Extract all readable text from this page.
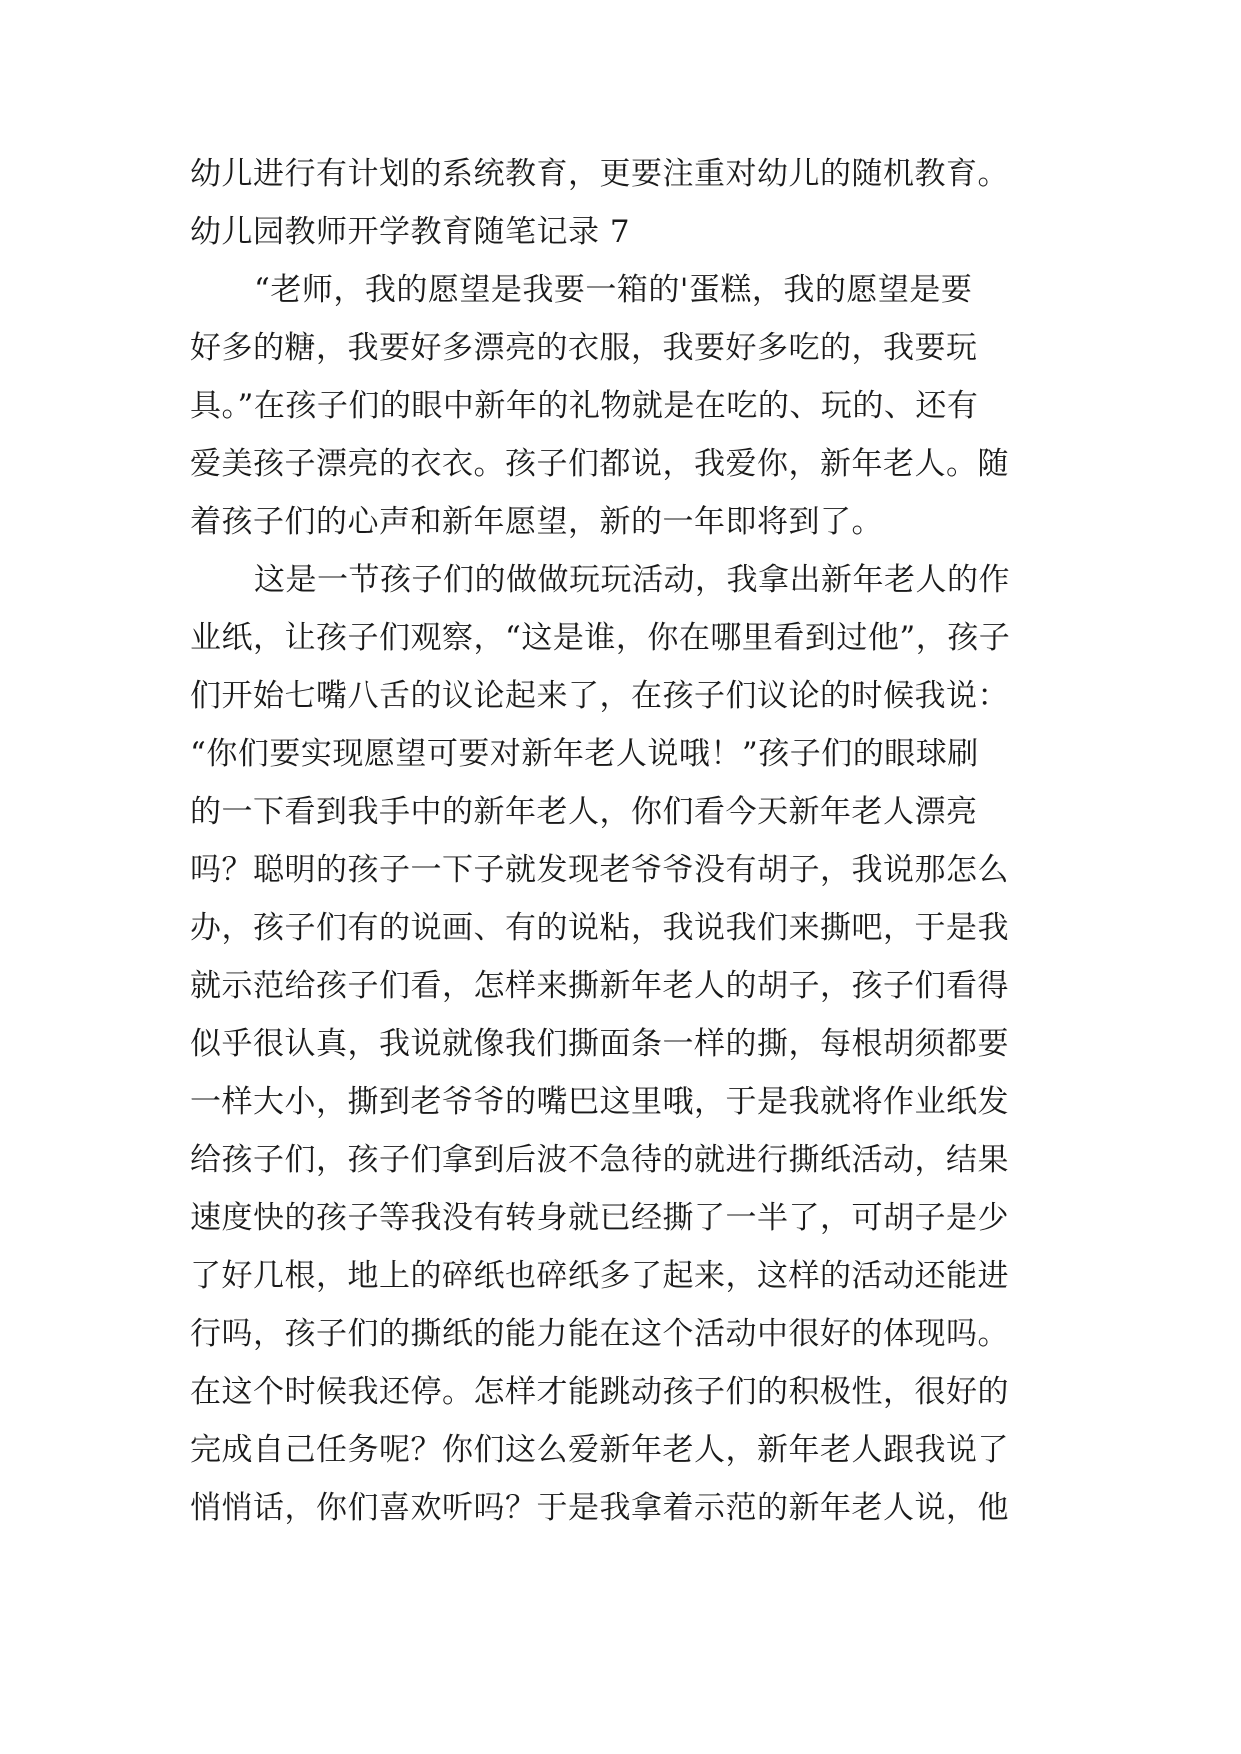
幼儿进行有计划的系统教育，更要注重对幼儿的随机教育。
幼儿园教师开学教育随笔记录 7
“老师，我的愿望是我要一箱的'蛋糕，我的愿望是要
好多的糖，我要好多漂亮的衣服，我要好多吃的，我要玩
具。”在孩子们的眼中新年的礼物就是在吃的、玩的、还有
爱美孩子漂亮的衣衣。孩子们都说，我爱你，新年老人。随
着孩子们的心声和新年愿望，新的一年即将到了。
这是一节孩子们的做做玩玩活动，我拿出新年老人的作
业纸，让孩子们观察，“这是谁，你在哪里看到过他”，孩子
们开始七嘴八舌的议论起来了，在孩子们议论的时候我说：
“你们要实现愿望可要对新年老人说哦！”孩子们的眼球刷
的一下看到我手中的新年老人，你们看今天新年老人漂亮
吗？聪明的孩子一下子就发现老爷爷没有胡子，我说那怎么
办，孩子们有的说画、有的说粘，我说我们来撕吧，于是我
就示范给孩子们看，怎样来撕新年老人的胡子，孩子们看得
似乎很认真，我说就像我们撕面条一样的撕，每根胡须都要
一样大小，撕到老爷爷的嘴巴这里哦，于是我就将作业纸发
给孩子们，孩子们拿到后波不急待的就进行撕纸活动，结果
速度快的孩子等我没有转身就已经撕了一半了，可胡子是少
了好几根，地上的碎纸也碎纸多了起来，这样的活动还能进
行吗，孩子们的撕纸的能力能在这个活动中很好的体现吗。
在这个时候我还停。怎样才能跳动孩子们的积极性，很好的
完成自己任务呢？你们这么爱新年老人，新年老人跟我说了
悄悄话，你们喜欢听吗？于是我拿着示范的新年老人说，他
